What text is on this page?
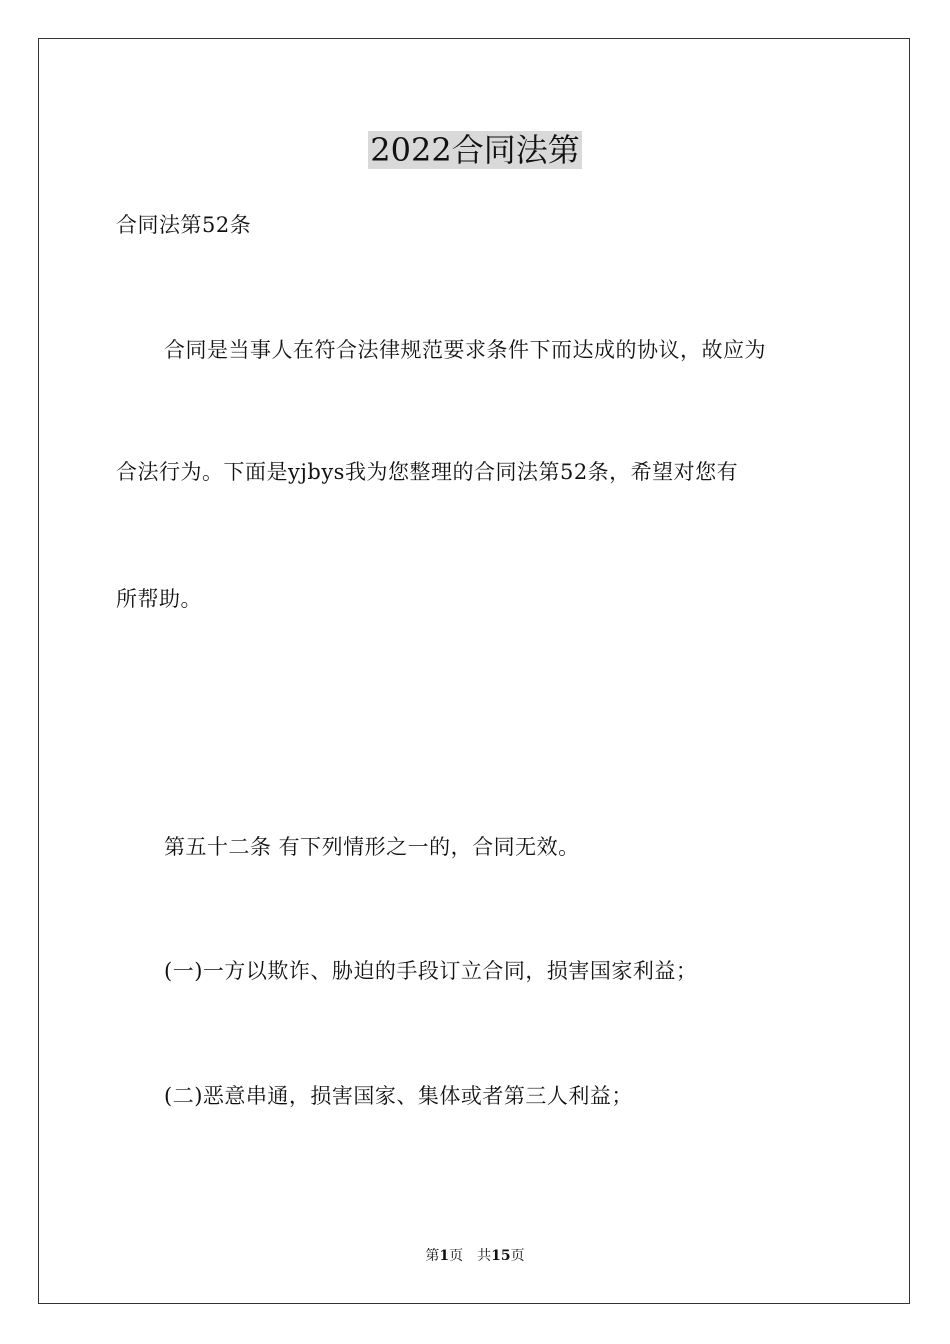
2022合同法第
合同法第52条
合同是当事人在符合法律规范要求条件下而达成的协议，故应为
合法行为。下面是yjbys我为您整理的合同法第52条，希望对您有
所帮助。
第五十二条 有下列情形之一的，合同无效。
(一)一方以欺诈、胁迫的手段订立合同，损害国家利益；
(二)恶意串通，损害国家、集体或者第三人利益；
第1页　共15页
